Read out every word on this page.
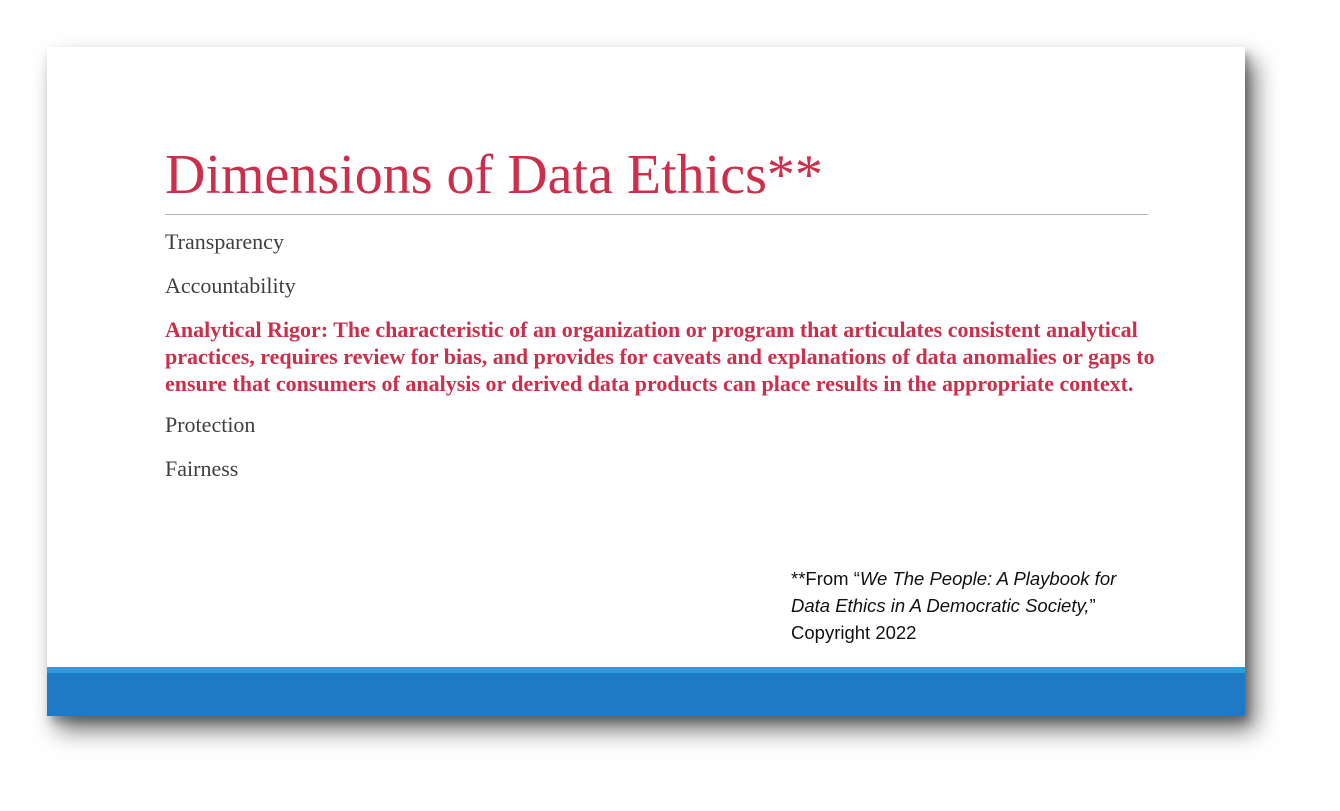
Dimensions of Data Ethics**
Transparency
Accountability
Analytical Rigor: The characteristic of an organization or program that articulates consistent analytical practices, requires review for bias, and provides for caveats and explanations of data anomalies or gaps to ensure that consumers of analysis or derived data products can place results in the appropriate context.
Protection
Fairness
**From “We The People: A Playbook for Data Ethics in A Democratic Society,” Copyright 2022
